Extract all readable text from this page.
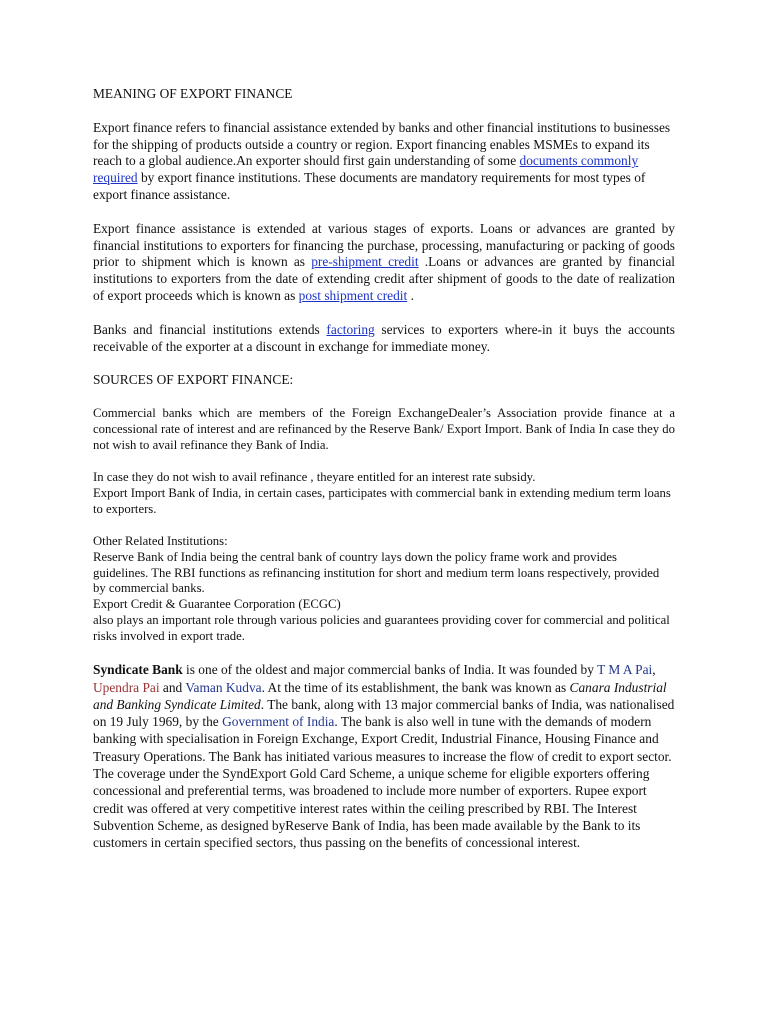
MEANING OF EXPORT FINANCE

Export finance refers to financial assistance extended by banks and other financial institutions to businesses for the shipping of products outside a country or region. Export financing enables MSMEs to expand its reach to a global audience.An exporter should first gain understanding of some documents commonly required by export finance institutions. These documents are mandatory requirements for most types of export finance assistance.

Export finance assistance is extended at various stages of exports. Loans or advances are granted by financial institutions to exporters for financing the purchase, processing, manufacturing or packing of goods prior to shipment which is known as pre-shipment credit .Loans or advances are granted by financial institutions to exporters from the date of extending credit after shipment of goods to the date of realization of export proceeds which is known as post shipment credit .

Banks and financial institutions extends factoring services to exporters where-in it buys the accounts receivable of the exporter at a discount in exchange for immediate money.

SOURCES OF EXPORT FINANCE:

Commercial banks which are members of the Foreign ExchangeDealer’s Association provide finance at a concessional rate of interest and are refinanced by the Reserve Bank/ Export Import. Bank of India In case they do not wish to avail refinance they Bank of India.

In case they do not wish to avail refinance , theyare entitled for an interest rate subsidy.
Export Import Bank of India, in certain cases, participates with commercial bank in extending medium term loans to exporters.

Other Related Institutions:
Reserve Bank of India being the central bank of country lays down the policy frame work and provides guidelines. The RBI functions as refinancing institution for short and medium term loans respectively, provided by commercial banks.
Export Credit & Guarantee Corporation (ECGC)
also plays an important role through various policies and guarantees providing cover for commercial and political risks involved in export trade.

Syndicate Bank is one of the oldest and major commercial banks of India. It was founded by T M A Pai, Upendra Pai and Vaman Kudva. At the time of its establishment, the bank was known as Canara Industrial and Banking Syndicate Limited. The bank, along with 13 major commercial banks of India, was nationalised on 19 July 1969, by the Government of India. The bank is also well in tune with the demands of modern banking with specialisation in Foreign Exchange, Export Credit, Industrial Finance, Housing Finance and Treasury Operations. The Bank has initiated various measures to increase the flow of credit to export sector. The coverage under the SyndExport Gold Card Scheme, a unique scheme for eligible exporters offering concessional and preferential terms, was broadened to include more number of exporters. Rupee export credit was offered at very competitive interest rates within the ceiling prescribed by RBI. The Interest Subvention Scheme, as designed byReserve Bank of India, has been made available by the Bank to its customers in certain specified sectors, thus passing on the benefits of concessional interest.
